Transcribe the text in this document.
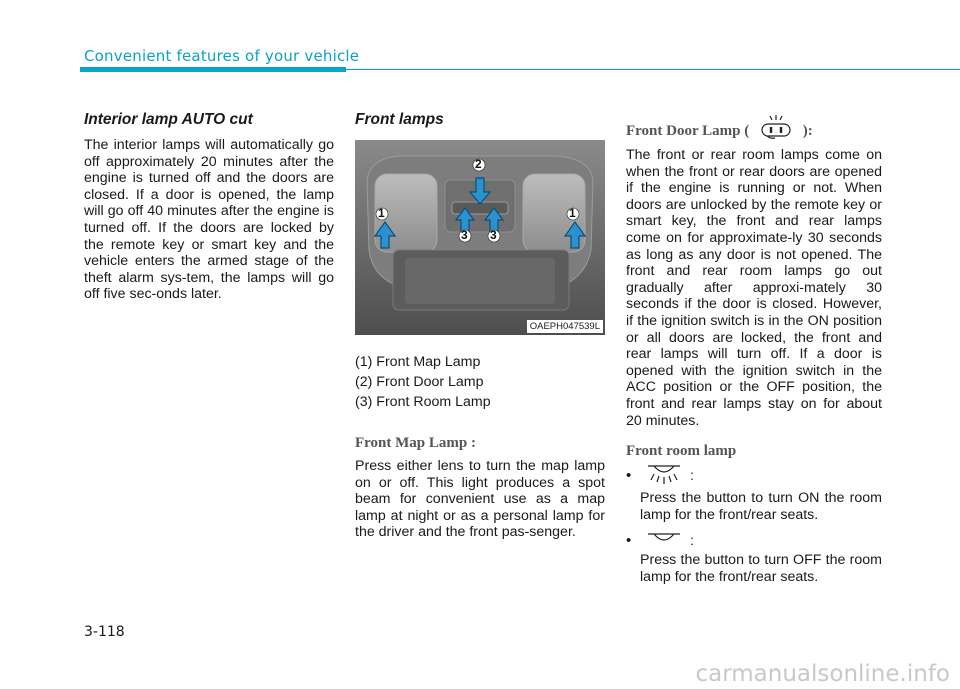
Convenient features of your vehicle

Interior lamp AUTO cut

The interior lamps will automatically go off approximately 20 minutes after the engine is turned off and the doors are closed. If a door is opened, the lamp will go off 40 minutes after the engine is turned off. If the doors are locked by the remote key or smart key and the vehicle enters the armed stage of the theft alarm sys-tem, the lamps will go off five sec-onds later.

Front lamps

1	1
2
3 3
OAEPH047539L
(1) Front Map Lamp
(2) Front Door Lamp
(3) Front Room Lamp

Front Map Lamp :

Press either lens to turn the map lamp on or off. This light produces a spot beam for convenient use as a map lamp at night or as a personal lamp for the driver and the front pas-senger.

Front Door Lamp (	):

The front or rear room lamps come on when the front or rear doors are opened if the engine is running or not. When doors are unlocked by the remote key or smart key, the front and rear lamps come on for approximate-ly 30 seconds as long as any door is not opened. The front and rear room lamps go out gradually after approxi-mately 30 seconds if the door is closed. However, if the ignition switch is in the ON position or all doors are locked, the front and rear lamps will turn off. If a door is opened with the ignition switch in the ACC position or the OFF position, the front and rear lamps stay on for about 20 minutes.

Front room lamp

•	:

Press the button to turn ON the room lamp for the front/rear seats.

•	:

Press the button to turn OFF the room lamp for the front/rear seats.

3-118
carmanualsonline.info
